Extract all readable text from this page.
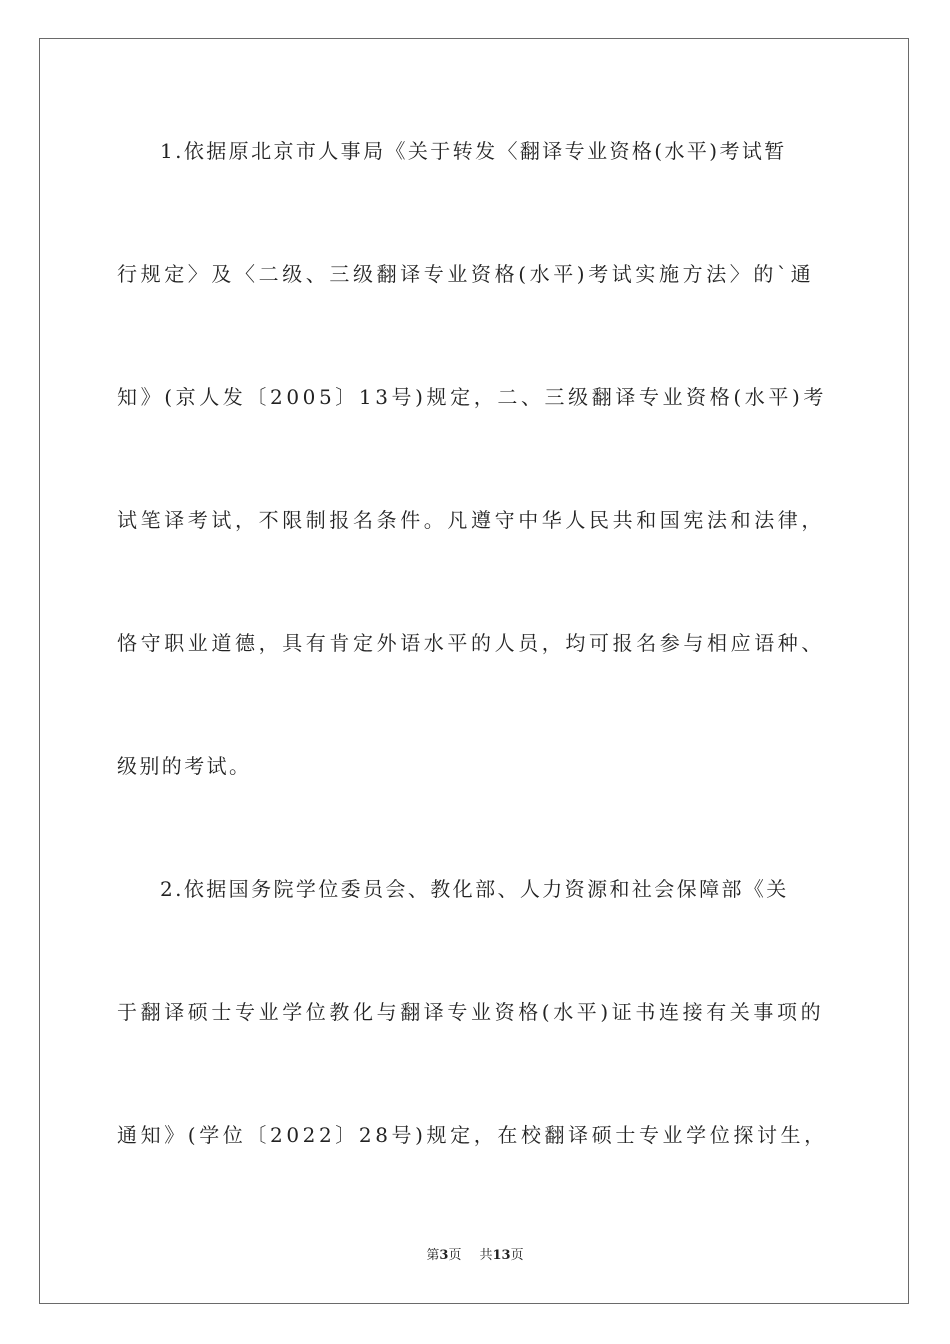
1.依据原北京市人事局《关于转发〈翻译专业资格(水平)考试暂
行规定〉及〈二级、三级翻译专业资格(水平)考试实施方法〉的`通
知》(京人发〔2005〕13号)规定，二、三级翻译专业资格(水平)考
试笔译考试，不限制报名条件。凡遵守中华人民共和国宪法和法律，
恪守职业道德，具有肯定外语水平的人员，均可报名参与相应语种、
级别的考试。
2.依据国务院学位委员会、教化部、人力资源和社会保障部《关
于翻译硕士专业学位教化与翻译专业资格(水平)证书连接有关事项的
通知》(学位〔2022〕28号)规定，在校翻译硕士专业学位探讨生，
第3页 共13页
